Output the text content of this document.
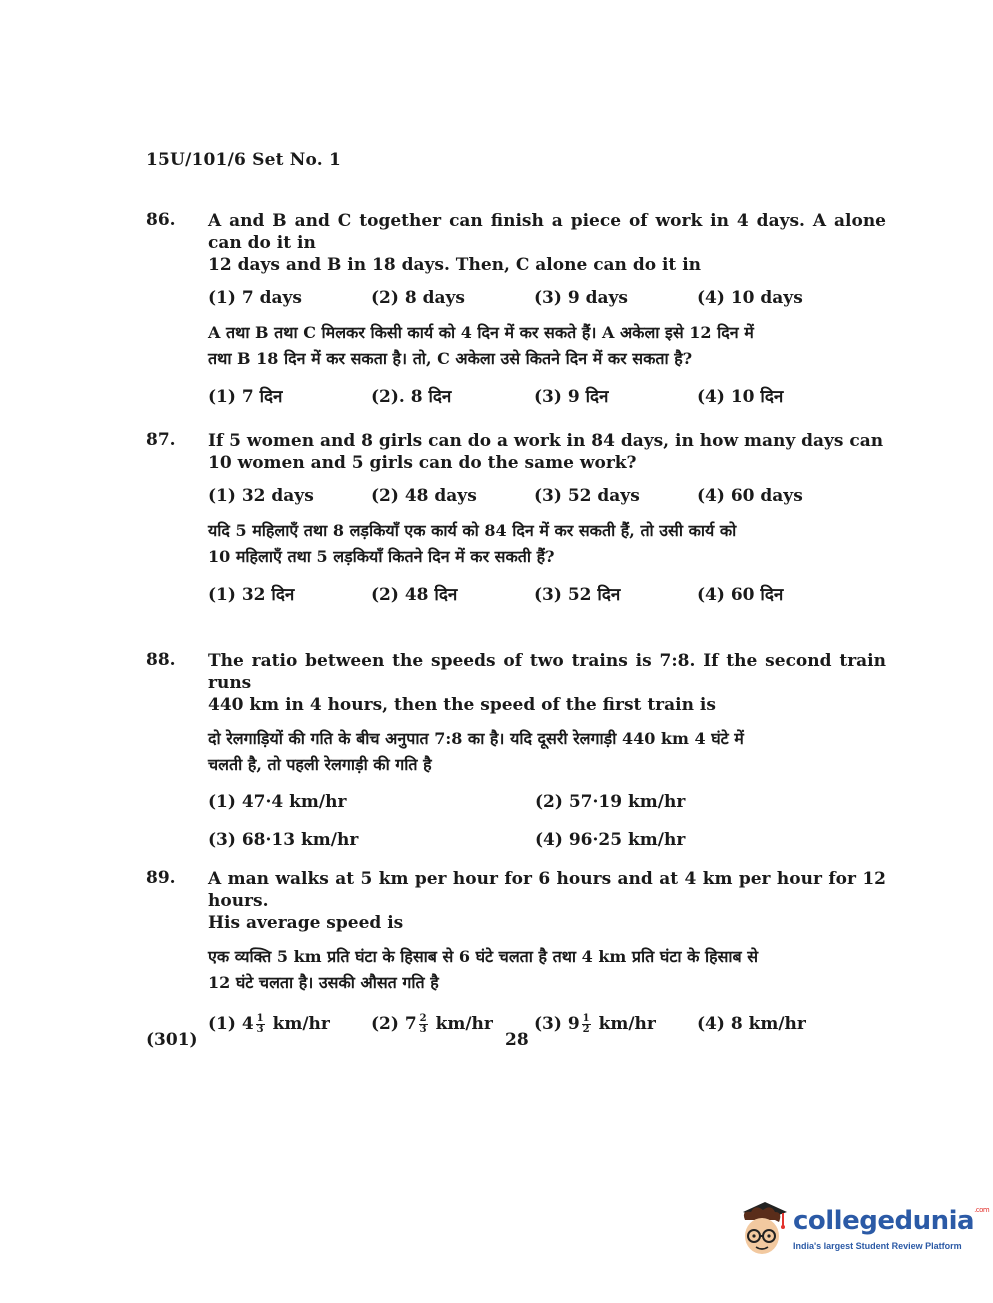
15U/101/6 Set No. 1
86. A and B and C together can finish a piece of work in 4 days. A alone can do it in
12 days and B in 18 days. Then, C alone can do it in
(1) 7 days	(2) 8 days	(3) 9 days	(4) 10 days
A तथा B तथा C मिलकर किसी कार्य को 4 दिन में कर सकते हैं। A अकेला इसे 12 दिन में
तथा B 18 दिन में कर सकता है। तो, C अकेला उसे कितने दिन में कर सकता है?
(1) 7 दिन	(2). 8 दिन	(3) 9 दिन	(4) 10 दिन
87. If 5 women and 8 girls can do a work in 84 days, in how many days can
10 women and 5 girls can do the same work?
(1) 32 days	(2) 48 days	(3) 52 days	(4) 60 days
यदि 5 महिलाएँ तथा 8 लड़कियाँ एक कार्य को 84 दिन में कर सकती हैं, तो उसी कार्य को
10 महिलाएँ तथा 5 लड़कियाँ कितने दिन में कर सकती हैं?
(1) 32 दिन	(2) 48 दिन	(3) 52 दिन	(4) 60 दिन
88. The ratio between the speeds of two trains is 7:8. If the second train runs
440 km in 4 hours, then the speed of the first train is
दो रेलगाड़ियों की गति के बीच अनुपात 7:8 का है। यदि दूसरी रेलगाड़ी 440 km 4 घंटे में
चलती है, तो पहली रेलगाड़ी की गति है
(1) 47·4 km/hr	(2) 57·19 km/hr
(3) 68·13 km/hr	(4) 96·25 km/hr
89. A man walks at 5 km per hour for 6 hours and at 4 km per hour for 12 hours.
His average speed is
एक व्यक्ति 5 km प्रति घंटा के हिसाब से 6 घंटे चलता है तथा 4 km प्रति घंटा के हिसाब से
12 घंटे चलता है। उसकी औसत गति है
(1) $4 \frac{1}{3} km/hr$	(2) $7 \frac{2}{3} km/hr$	(3) $9 \frac{1}{2} km/hr$	(4) 8 km/hr
(301)	28
collegedunia$^{.com}$
India's largest Student Review Platform
